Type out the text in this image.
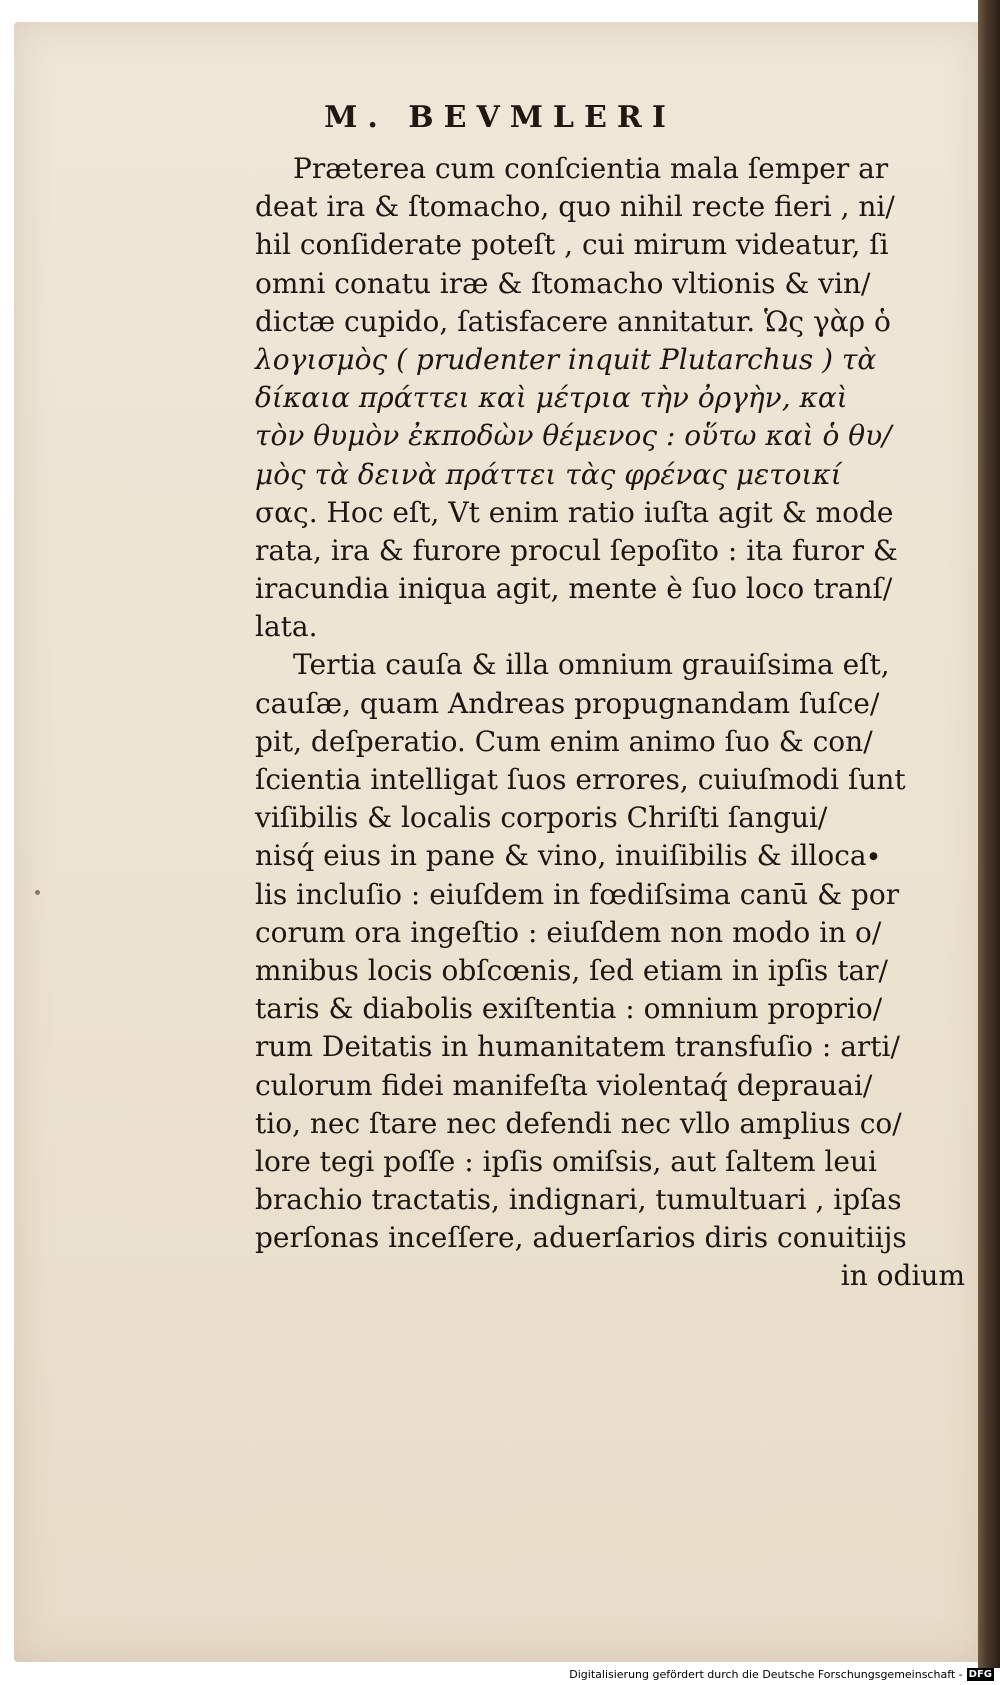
M. BEVMLERI
Præterea cum conſcientia mala ſemper ar
deat ira & ſtomacho, quo nihil recte fieri , ni∕
hil conſiderate poteſt , cui mirum videatur, ſi
omni conatu iræ & ſtomacho vltionis & vin∕
dictæ cupido, ſatisfacere annitatur. Ὡς γὰρ ὁ
λογισμὸς ( prudenter inquit Plutarchus ) τὰ
δίκαια πράττει καὶ μέτρια τὴν ὀργὴν, καὶ
τὸν θυμὸν ἐκποδὼν θέμενος : οὕτω καὶ ὁ θυ∕
μὸς τὰ δεινὰ πράττει τὰς φρένας μετοικί
σας. Hoc eſt, Vt enim ratio iuſta agit & mode
rata, ira & furore procul ſepoſito : ita furor &
iracundia iniqua agit, mente è ſuo loco tranſ∕
lata.
Tertia cauſa & illa omnium grauiſsima eſt,
cauſæ, quam Andreas propugnandam ſuſce∕
pit, deſperatio. Cum enim animo ſuo & con∕
ſcientia intelligat ſuos errores, cuiuſmodi ſunt
viſibilis & localis corporis Chriſti ſangui∕
nisq́ eius in pane & vino, inuiſibilis & illoca∙
lis incluſio : eiuſdem in fœdiſsima canū & por
corum ora ingeſtio : eiuſdem non modo in o∕
mnibus locis obſcœnis, ſed etiam in ipſis tar∕
taris & diabolis exiſtentia : omnium proprio∕
rum Deitatis in humanitatem transfuſio : arti∕
culorum fidei manifeſta violentaq́ deprauai∕
tio, nec ſtare nec defendi nec vllo amplius co∕
lore tegi poſſe : ipſis omiſsis, aut ſaltem leui
brachio tractatis, indignari, tumultuari , ipſas
perſonas inceſſere, aduerſarios diris conuitiijs
in odium
Digitalisierung gefördert durch die Deutsche Forschungsgemeinschaft - DFG
